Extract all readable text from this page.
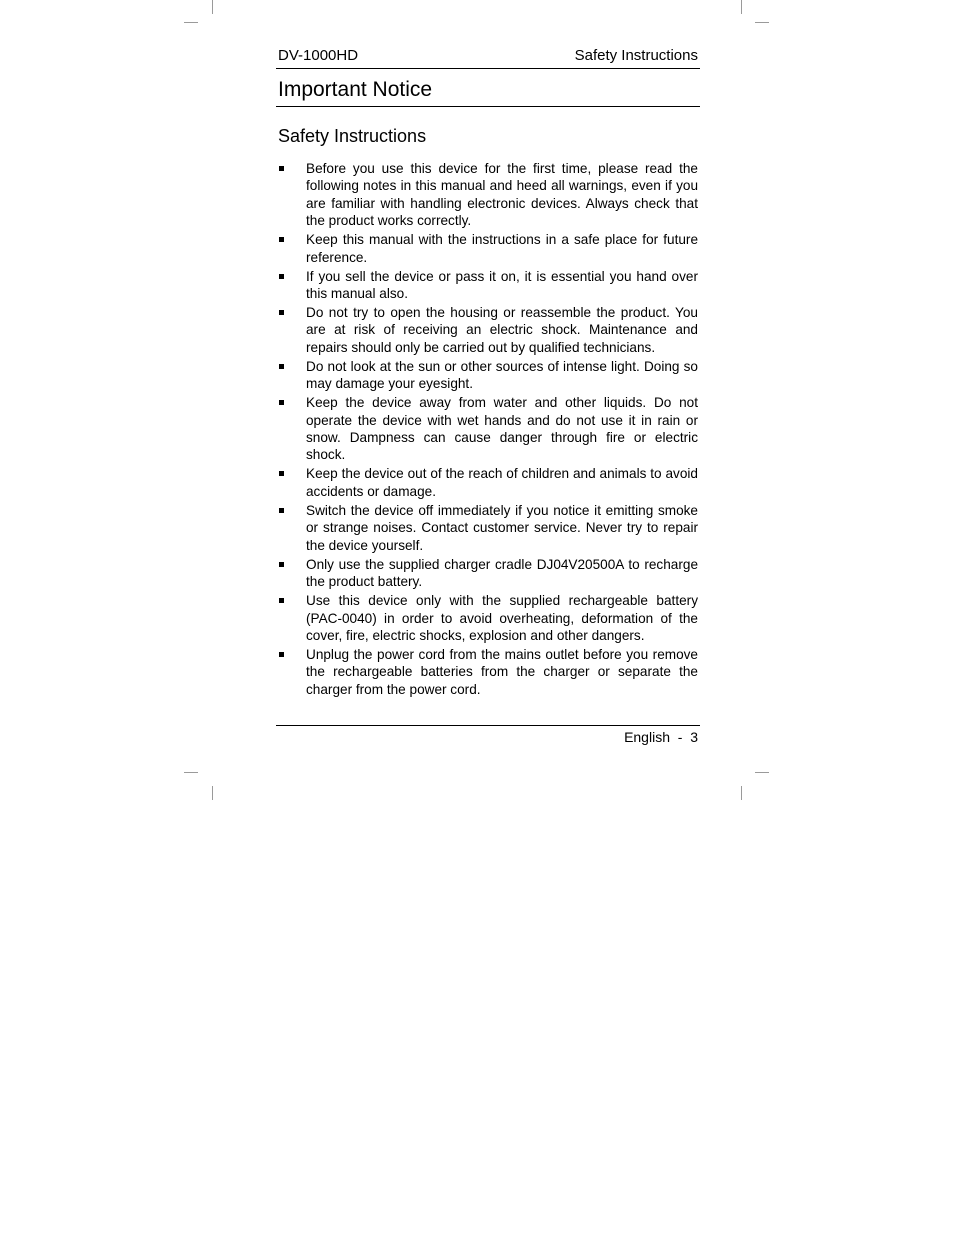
DV-1000HD	Safety Instructions
Important Notice
Safety Instructions
Before you use this device for the first time, please read the following notes in this manual and heed all warnings, even if you are familiar with handling electronic devices. Always check that the product works correctly.
Keep this manual with the instructions in a safe place for future reference.
If you sell the device or pass it on, it is essential you hand over this manual also.
Do not try to open the housing or reassemble the product. You are at risk of receiving an electric shock. Maintenance and repairs should only be carried out by qualified technicians.
Do not look at the sun or other sources of intense light. Doing so may damage your eyesight.
Keep the device away from water and other liquids. Do not operate the device with wet hands and do not use it in rain or snow. Dampness can cause danger through fire or electric shock.
Keep the device out of the reach of children and animals to avoid accidents or damage.
Switch the device off immediately if you notice it emitting smoke or strange noises. Contact customer service. Never try to repair the device yourself.
Only use the supplied charger cradle DJ04V20500A to recharge the product battery.
Use this device only with the supplied rechargeable battery (PAC-0040) in order to avoid overheating, deformation of the cover, fire, electric shocks, explosion and other dangers.
Unplug the power cord from the mains outlet before you remove the rechargeable batteries from the charger or separate the charger from the power cord.
English  -  3
